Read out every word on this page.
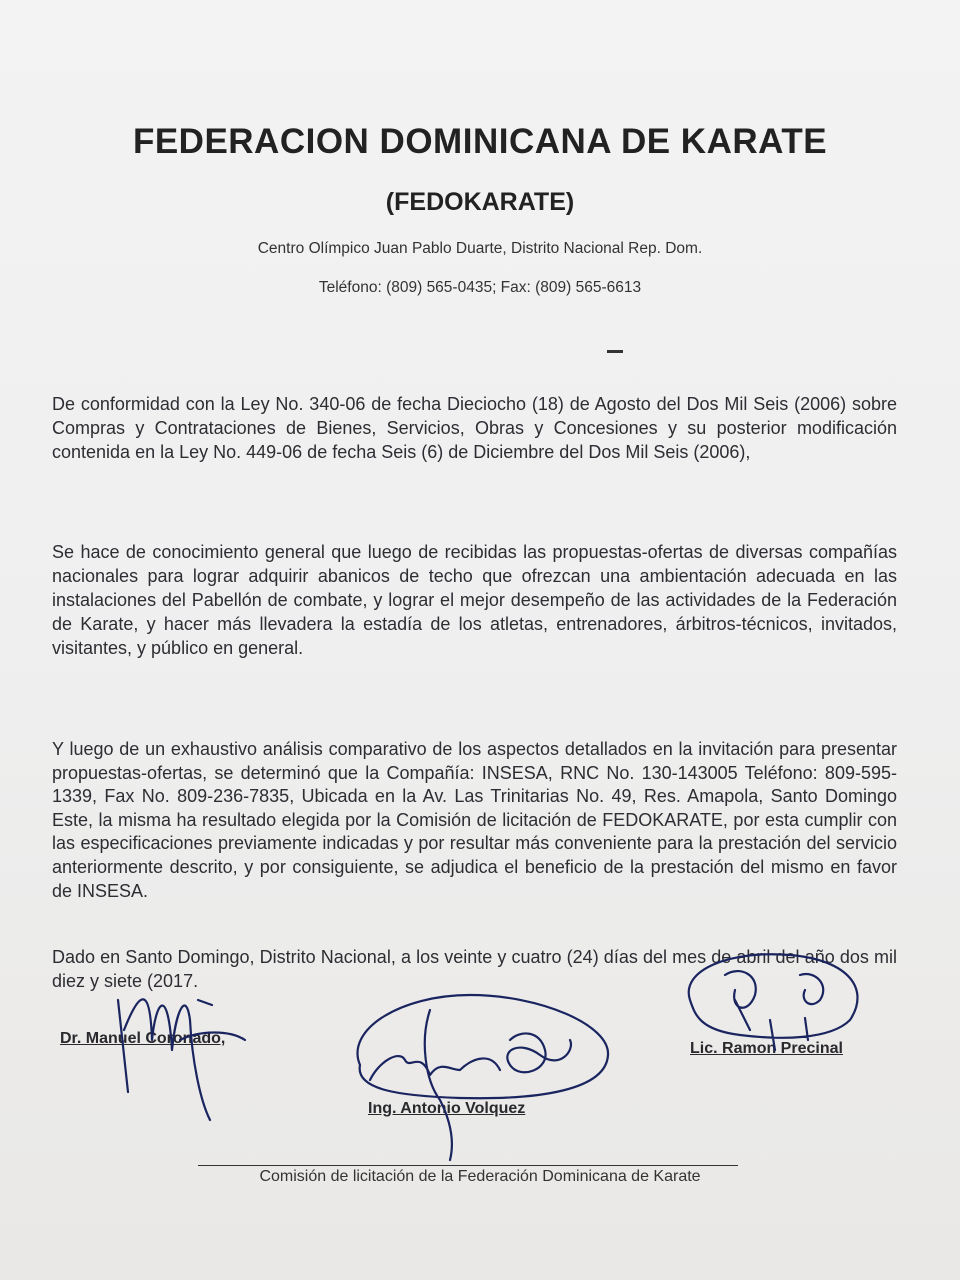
FEDERACION DOMINICANA DE KARATE
(FEDOKARATE)
Centro Olímpico Juan Pablo Duarte, Distrito Nacional Rep. Dom.
Teléfono: (809) 565-0435; Fax: (809) 565-6613

De conformidad con la Ley No. 340-06 de fecha Dieciocho (18) de Agosto del Dos Mil Seis (2006) sobre Compras y Contrataciones de Bienes, Servicios, Obras y Concesiones y su posterior modificación contenida en la Ley No. 449-06 de fecha Seis (6) de Diciembre del Dos Mil Seis (2006),

Se hace de conocimiento general que luego de recibidas las propuestas-ofertas de diversas compañías nacionales para lograr adquirir abanicos de techo que ofrezcan una ambientación adecuada en las instalaciones del Pabellón de combate, y lograr el mejor desempeño de las actividades de la Federación de Karate, y hacer más llevadera la estadía de los atletas, entrenadores, árbitros-técnicos, invitados, visitantes, y público en general.

Y luego de un exhaustivo análisis comparativo de los aspectos detallados en la invitación para presentar propuestas-ofertas, se determinó que la Compañía: INSESA, RNC No. 130-143005 Teléfono: 809-595-1339, Fax No. 809-236-7835, Ubicada en la Av. Las Trinitarias No. 49, Res. Amapola, Santo Domingo Este, la misma ha resultado elegida por la Comisión de licitación de FEDOKARATE, por esta cumplir con las especificaciones previamente indicadas y por resultar más conveniente para la prestación del servicio anteriormente descrito, y por consiguiente, se adjudica el beneficio de la prestación del mismo en favor de INSESA.

Dado en Santo Domingo, Distrito Nacional, a los veinte y cuatro (24) días del mes de abril del año dos mil diez y siete (2017.

Dr. Manuel Coronado,
Ing. Antonio Volquez
Lic. Ramon Precinal
Comisión de licitación de la Federación Dominicana de Karate
